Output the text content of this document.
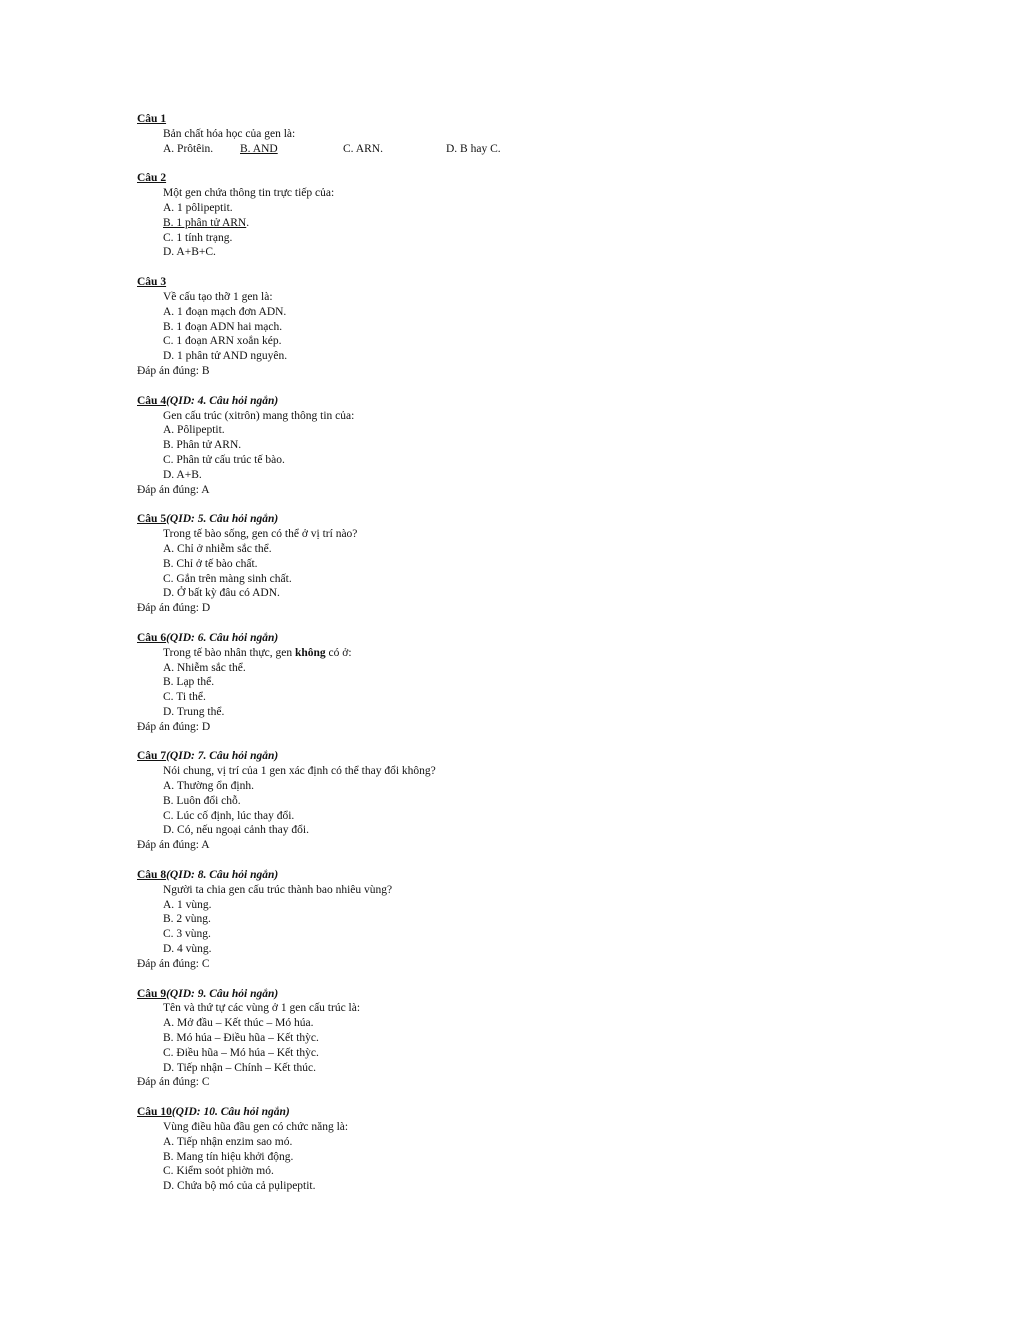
Câu 1
Bản chất hóa học của gen là:
A. Prôtêin.	B. AND	C. ARN.	D. B hay C.
Câu 2
Một gen chứa thông tin trực tiếp của:
A. 1 pôlipeptit.
B. 1 phân tử ARN.
C. 1 tính trạng.
D. A+B+C.
Câu 3
Về cấu tạo thỡ 1 gen là:
A. 1 đoạn mạch đơn ADN.
B. 1 đoạn ADN hai mạch.
C. 1 đoạn ARN xoắn kép.
D. 1 phân tử AND nguyên.
Đáp án đúng: B
Câu 4(QID: 4. Câu hỏi ngắn)
Gen cấu trúc (xitrôn) mang thông tin của:
A. Pôlipeptit.
B. Phân tử ARN.
C. Phân tử cấu trúc tế bào.
D. A+B.
Đáp án đúng: A
Câu 5(QID: 5. Câu hỏi ngắn)
Trong tế bào sống, gen có thể ở vị trí nào?
A. Chỉ ở nhiễm sắc thể.
B. Chỉ ở tế bào chất.
C. Gắn trên màng sinh chất.
D. Ở bất kỳ đâu có ADN.
Đáp án đúng: D
Câu 6(QID: 6. Câu hỏi ngắn)
Trong tế bào nhân thực, gen không có ở:
A. Nhiễm sắc thể.
B. Lạp thể.
C. Ti thể.
D. Trung thể.
Đáp án đúng: D
Câu 7(QID: 7. Câu hỏi ngắn)
Nói chung, vị trí của 1 gen xác định có thể thay đổi không?
A. Thường ổn định.
B. Luôn đổi chỗ.
C. Lúc cố định, lúc thay đổi.
D. Có, nếu ngoại cảnh thay đổi.
Đáp án đúng: A
Câu 8(QID: 8. Câu hỏi ngắn)
Người ta chia gen cấu trúc thành bao nhiêu vùng?
A. 1 vùng.
B. 2 vùng.
C. 3 vùng.
D. 4 vùng.
Đáp án đúng: C
Câu 9(QID: 9. Câu hỏi ngắn)
Tên và thứ tự các vùng ở 1 gen cấu trúc là:
A. Mở đầu – Kết thúc – Mó húa.
B. Mó húa – Điều hũa – Kết thỳc.
C. Điều hũa – Mó húa – Kết thỳc.
D. Tiếp nhận – Chính – Kết thúc.
Đáp án đúng: C
Câu 10(QID: 10. Câu hỏi ngắn)
Vùng điều hũa đầu gen có chức năng là:
A. Tiếp nhận enzim sao mó.
B. Mang tín hiệu khởi động.
C. Kiểm soỏt phiờn mó.
D. Chứa bộ mó của cả pụlipeptit.
